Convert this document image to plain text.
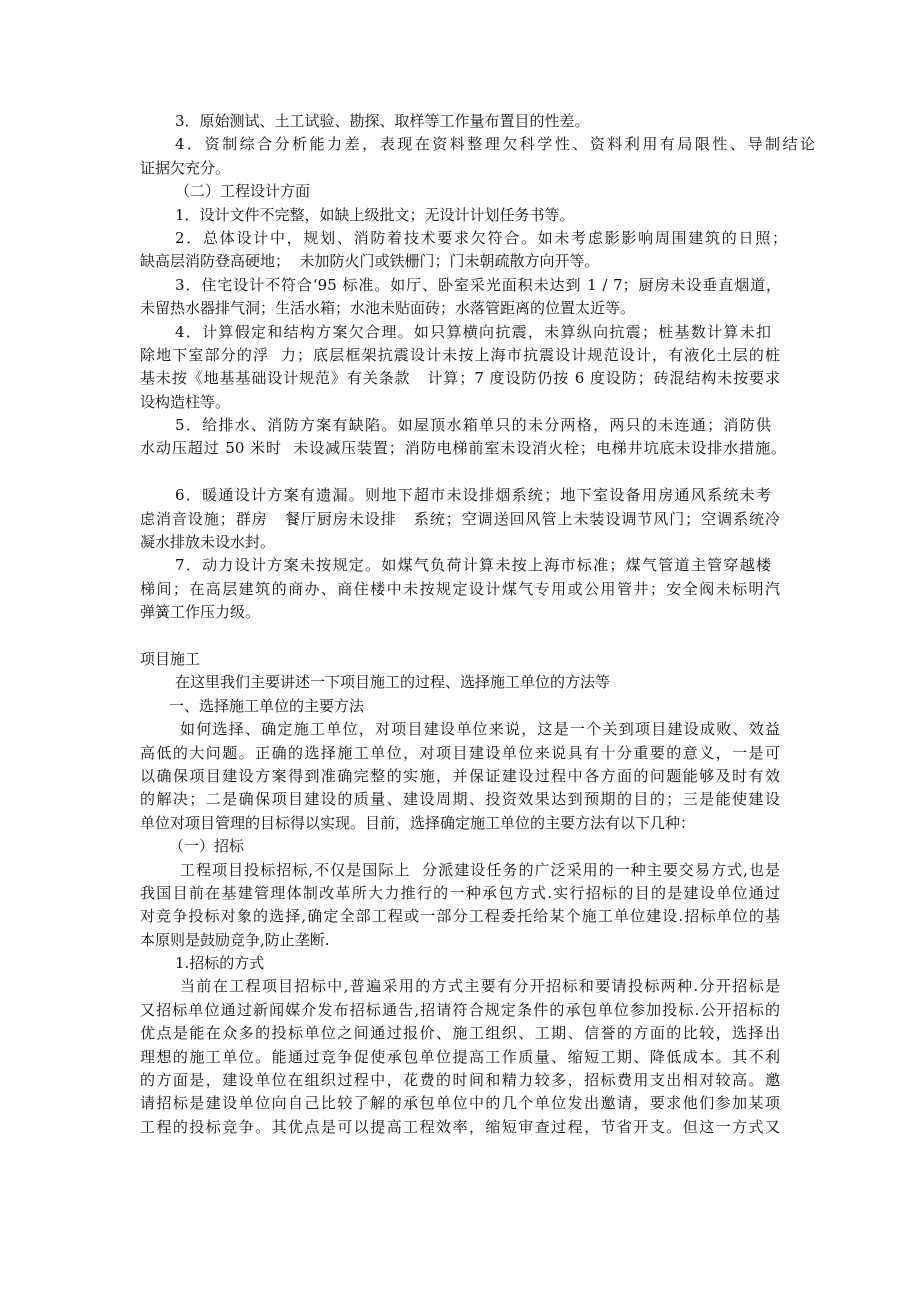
3．原始测试、土工试验、勘探、取样等工作量布置目的性差。
4．资制综合分析能力差，表现在资料整理欠科学性、资料利用有局限性、导制结论
证据欠充分。
（二）工程设计方面
1．设计文件不完整，如缺上级批文；无设计计划任务书等。
2．总体设计中，规划、消防着技术要求欠符合。如未考虑影影响周围建筑的日照；
缺高层消防登高硬地；  未加防火门或铁栅门；门未朝疏散方向开等。
3．住宅设计不符合‘95 标准。如厅、卧室采光面积未达到 1 / 7；厨房未设垂直烟道，
未留热水器排气洞；生活水箱；水池未贴面砖；水落管距离的位置太近等。
4．计算假定和结构方案欠合理。如只算横向抗震，未算纵向抗震；桩基数计算未扣
除地下室部分的浮  力；底层框架抗震设计未按上海市抗震设计规范设计，有液化土层的桩
基未按《地基基础设计规范》有关条款   计算；7 度设防仍按 6 度设防；砖混结构未按要求
设构造柱等。
5．给排水、消防方案有缺陷。如屋顶水箱单只的未分两格，两只的未连通；消防供
水动压超过 50 米时  未设减压装置；消防电梯前室未设消火栓；电梯井坑底未设排水措施。
6．暖通设计方案有遗漏。则地下超市未设排烟系统；地下室设备用房通风系统未考
虑消音设施；群房   餐厅厨房未设排   系统；空调送回风管上未装设调节风门；空调系统冷
凝水排放未设水封。
7．动力设计方案未按规定。如煤气负荷计算未按上海市标准；煤气管道主管穿越楼
梯间；在高层建筑的商办、商住楼中未按规定设计煤气专用或公用管井；安全阀未标明汽
弹簧工作压力级。
项目施工
在这里我们主要讲述一下项目施工的过程、选择施工单位的方法等
一、选择施工单位的主要方法
如何选择、确定施工单位，对项目建设单位来说，这是一个关到项目建设成败、效益
高低的大问题。正确的选择施工单位，对项目建设单位来说具有十分重要的意义，一是可
以确保项目建设方案得到准确完整的实施，并保证建设过程中各方面的问题能够及时有效
的解决；二是确保项目建设的质量、建设周期、投资效果达到预期的目的；三是能使建设
单位对项目管理的目标得以实现。目前，选择确定施工单位的主要方法有以下几种：
（一）招标
工程项目投标招标,不仅是国际上  分派建设任务的广泛采用的一种主要交易方式,也是
我国目前在基建管理体制改革所大力推行的一种承包方式.实行招标的目的是建设单位通过
对竞争投标对象的选择,确定全部工程或一部分工程委托给某个施工单位建设.招标单位的基
本原则是鼓励竞争,防止垄断.
1.招标的方式
当前在工程项目招标中,普遍采用的方式主要有分开招标和要请投标两种.分开招标是
又招标单位通过新闻媒介发布招标通告,招请符合规定条件的承包单位参加投标.公开招标的
优点是能在众多的投标单位之间通过报价、施工组织、工期、信誉的方面的比较，选择出
理想的施工单位。能通过竞争促使承包单位提高工作质量、缩短工期、降低成本。其不利
的方面是，建设单位在组织过程中，花费的时间和精力较多，招标费用支出相对较高。邀
请招标是建设单位向自己比较了解的承包单位中的几个单位发出邀请，要求他们参加某项
工程的投标竞争。其优点是可以提高工程效率，缩短审查过程，节省开支。但这一方式又
